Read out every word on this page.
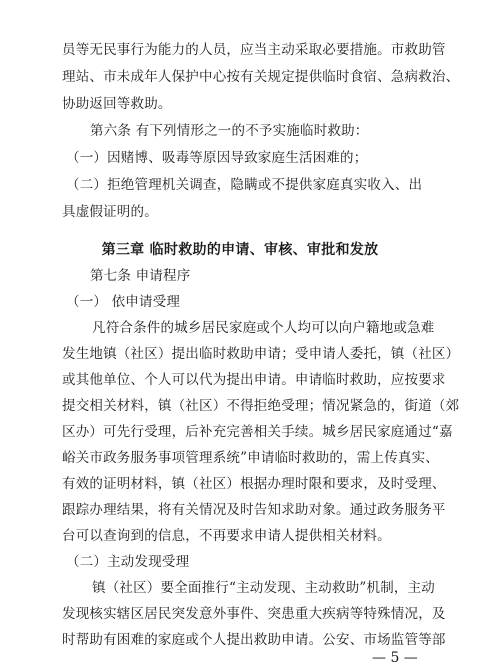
员等无民事行为能力的人员，应当主动采取必要措施。市救助管
理站、市未成年人保护中心按有关规定提供临时食宿、急病救治、
协助返回等救助。
第六条 有下列情形之一的不予实施临时救助：
（一）因赌博、吸毒等原因导致家庭生活困难的；
（二）拒绝管理机关调查，隐瞒或不提供家庭真实收入、出
具虚假证明的。
第三章 临时救助的申请、审核、审批和发放
第七条 申请程序
（一） 依申请受理
凡符合条件的城乡居民家庭或个人均可以向户籍地或急难
发生地镇（社区）提出临时救助申请；受申请人委托，镇（社区）
或其他单位、个人可以代为提出申请。申请临时救助，应按要求
提交相关材料，镇（社区）不得拒绝受理；情况紧急的，街道（郊
区办）可先行受理，后补充完善相关手续。城乡居民家庭通过“嘉
峪关市政务服务事项管理系统”申请临时救助的，需上传真实、
有效的证明材料，镇（社区）根据办理时限和要求，及时受理、
跟踪办理结果，将有关情况及时告知求助对象。通过政务服务平
台可以查询到的信息，不再要求申请人提供相关材料。
（二）主动发现受理
镇（社区）要全面推行“主动发现、主动救助”机制，主动
发现核实辖区居民突发意外事件、突患重大疾病等特殊情况，及
时帮助有困难的家庭或个人提出救助申请。公安、市场监管等部
— 5 —
